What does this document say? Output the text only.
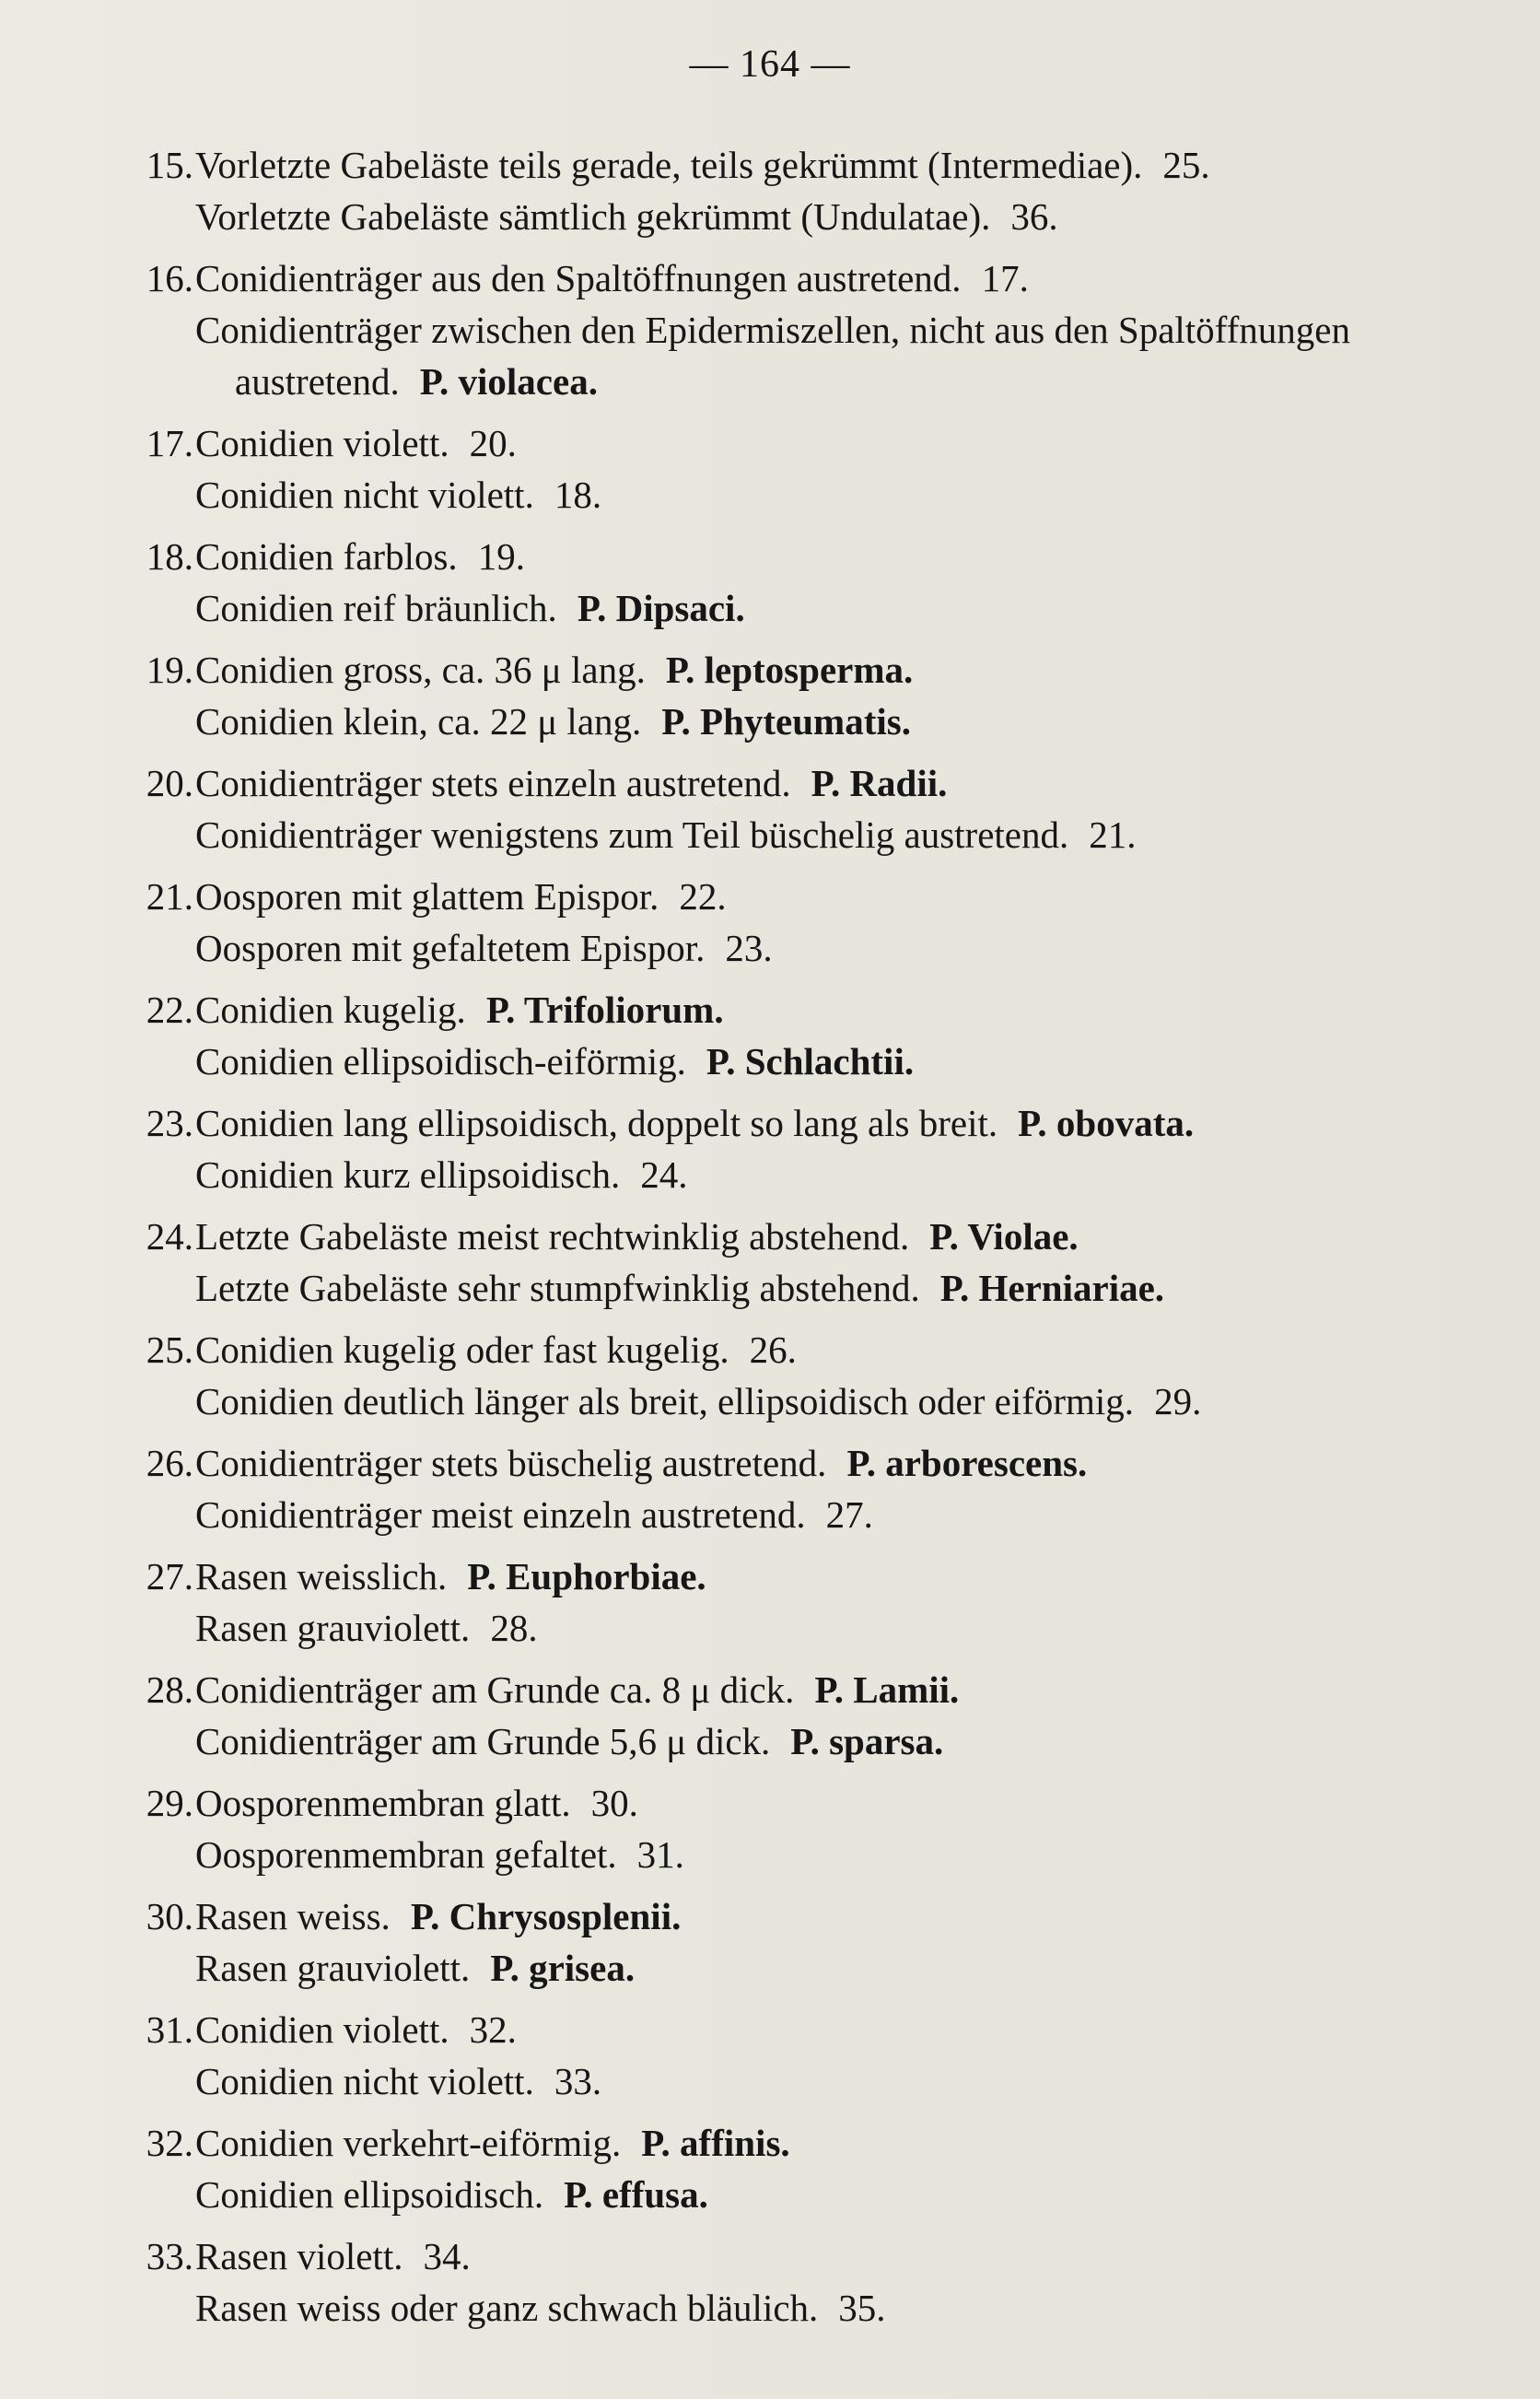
— 164 —
15. Vorletzte Gabeläste teils gerade, teils gekrümmt (Intermediae). 25.
Vorletzte Gabeläste sämtlich gekrümmt (Undulatae). 36.
16. Conidienträger aus den Spaltöffnungen austretend. 17.
Conidienträger zwischen den Epidermiszellen, nicht aus den Spaltöffnungen
austretend. P. violacea.
17. Conidien violett. 20.
Conidien nicht violett. 18.
18. Conidien farblos. 19.
Conidien reif bräunlich. P. Dipsaci.
19. Conidien gross, ca. 36 μ lang. P. leptosperma.
Conidien klein, ca. 22 μ lang. P. Phyteumatis.
20. Conidienträger stets einzeln austretend. P. Radii.
Conidienträger wenigstens zum Teil büschelig austretend. 21.
21. Oosporen mit glattem Epispor. 22.
Oosporen mit gefaltetem Epispor. 23.
22. Conidien kugelig. P. Trifoliorum.
Conidien ellipsoidisch-eiförmig. P. Schlachtii.
23. Conidien lang ellipsoidisch, doppelt so lang als breit. P. obovata.
Conidien kurz ellipsoidisch. 24.
24. Letzte Gabeläste meist rechtwinklig abstehend. P. Violae.
Letzte Gabeläste sehr stumpfwinklig abstehend. P. Herniariae.
25. Conidien kugelig oder fast kugelig. 26.
Conidien deutlich länger als breit, ellipsoidisch oder eiförmig. 29.
26. Conidienträger stets büschelig austretend. P. arborescens.
Conidienträger meist einzeln austretend. 27.
27. Rasen weisslich. P. Euphorbiae.
Rasen grauviolett. 28.
28. Conidienträger am Grunde ca. 8 μ dick. P. Lamii.
Conidienträger am Grunde 5,6 μ dick. P. sparsa.
29. Oosporenmembran glatt. 30.
Oosporenmembran gefaltet. 31.
30. Rasen weiss. P. Chrysosplenii.
Rasen grauviolett. P. grisea.
31. Conidien violett. 32.
Conidien nicht violett. 33.
32. Conidien verkehrt-eiförmig. P. affinis.
Conidien ellipsoidisch. P. effusa.
33. Rasen violett. 34.
Rasen weiss oder ganz schwach bläulich. 35.
